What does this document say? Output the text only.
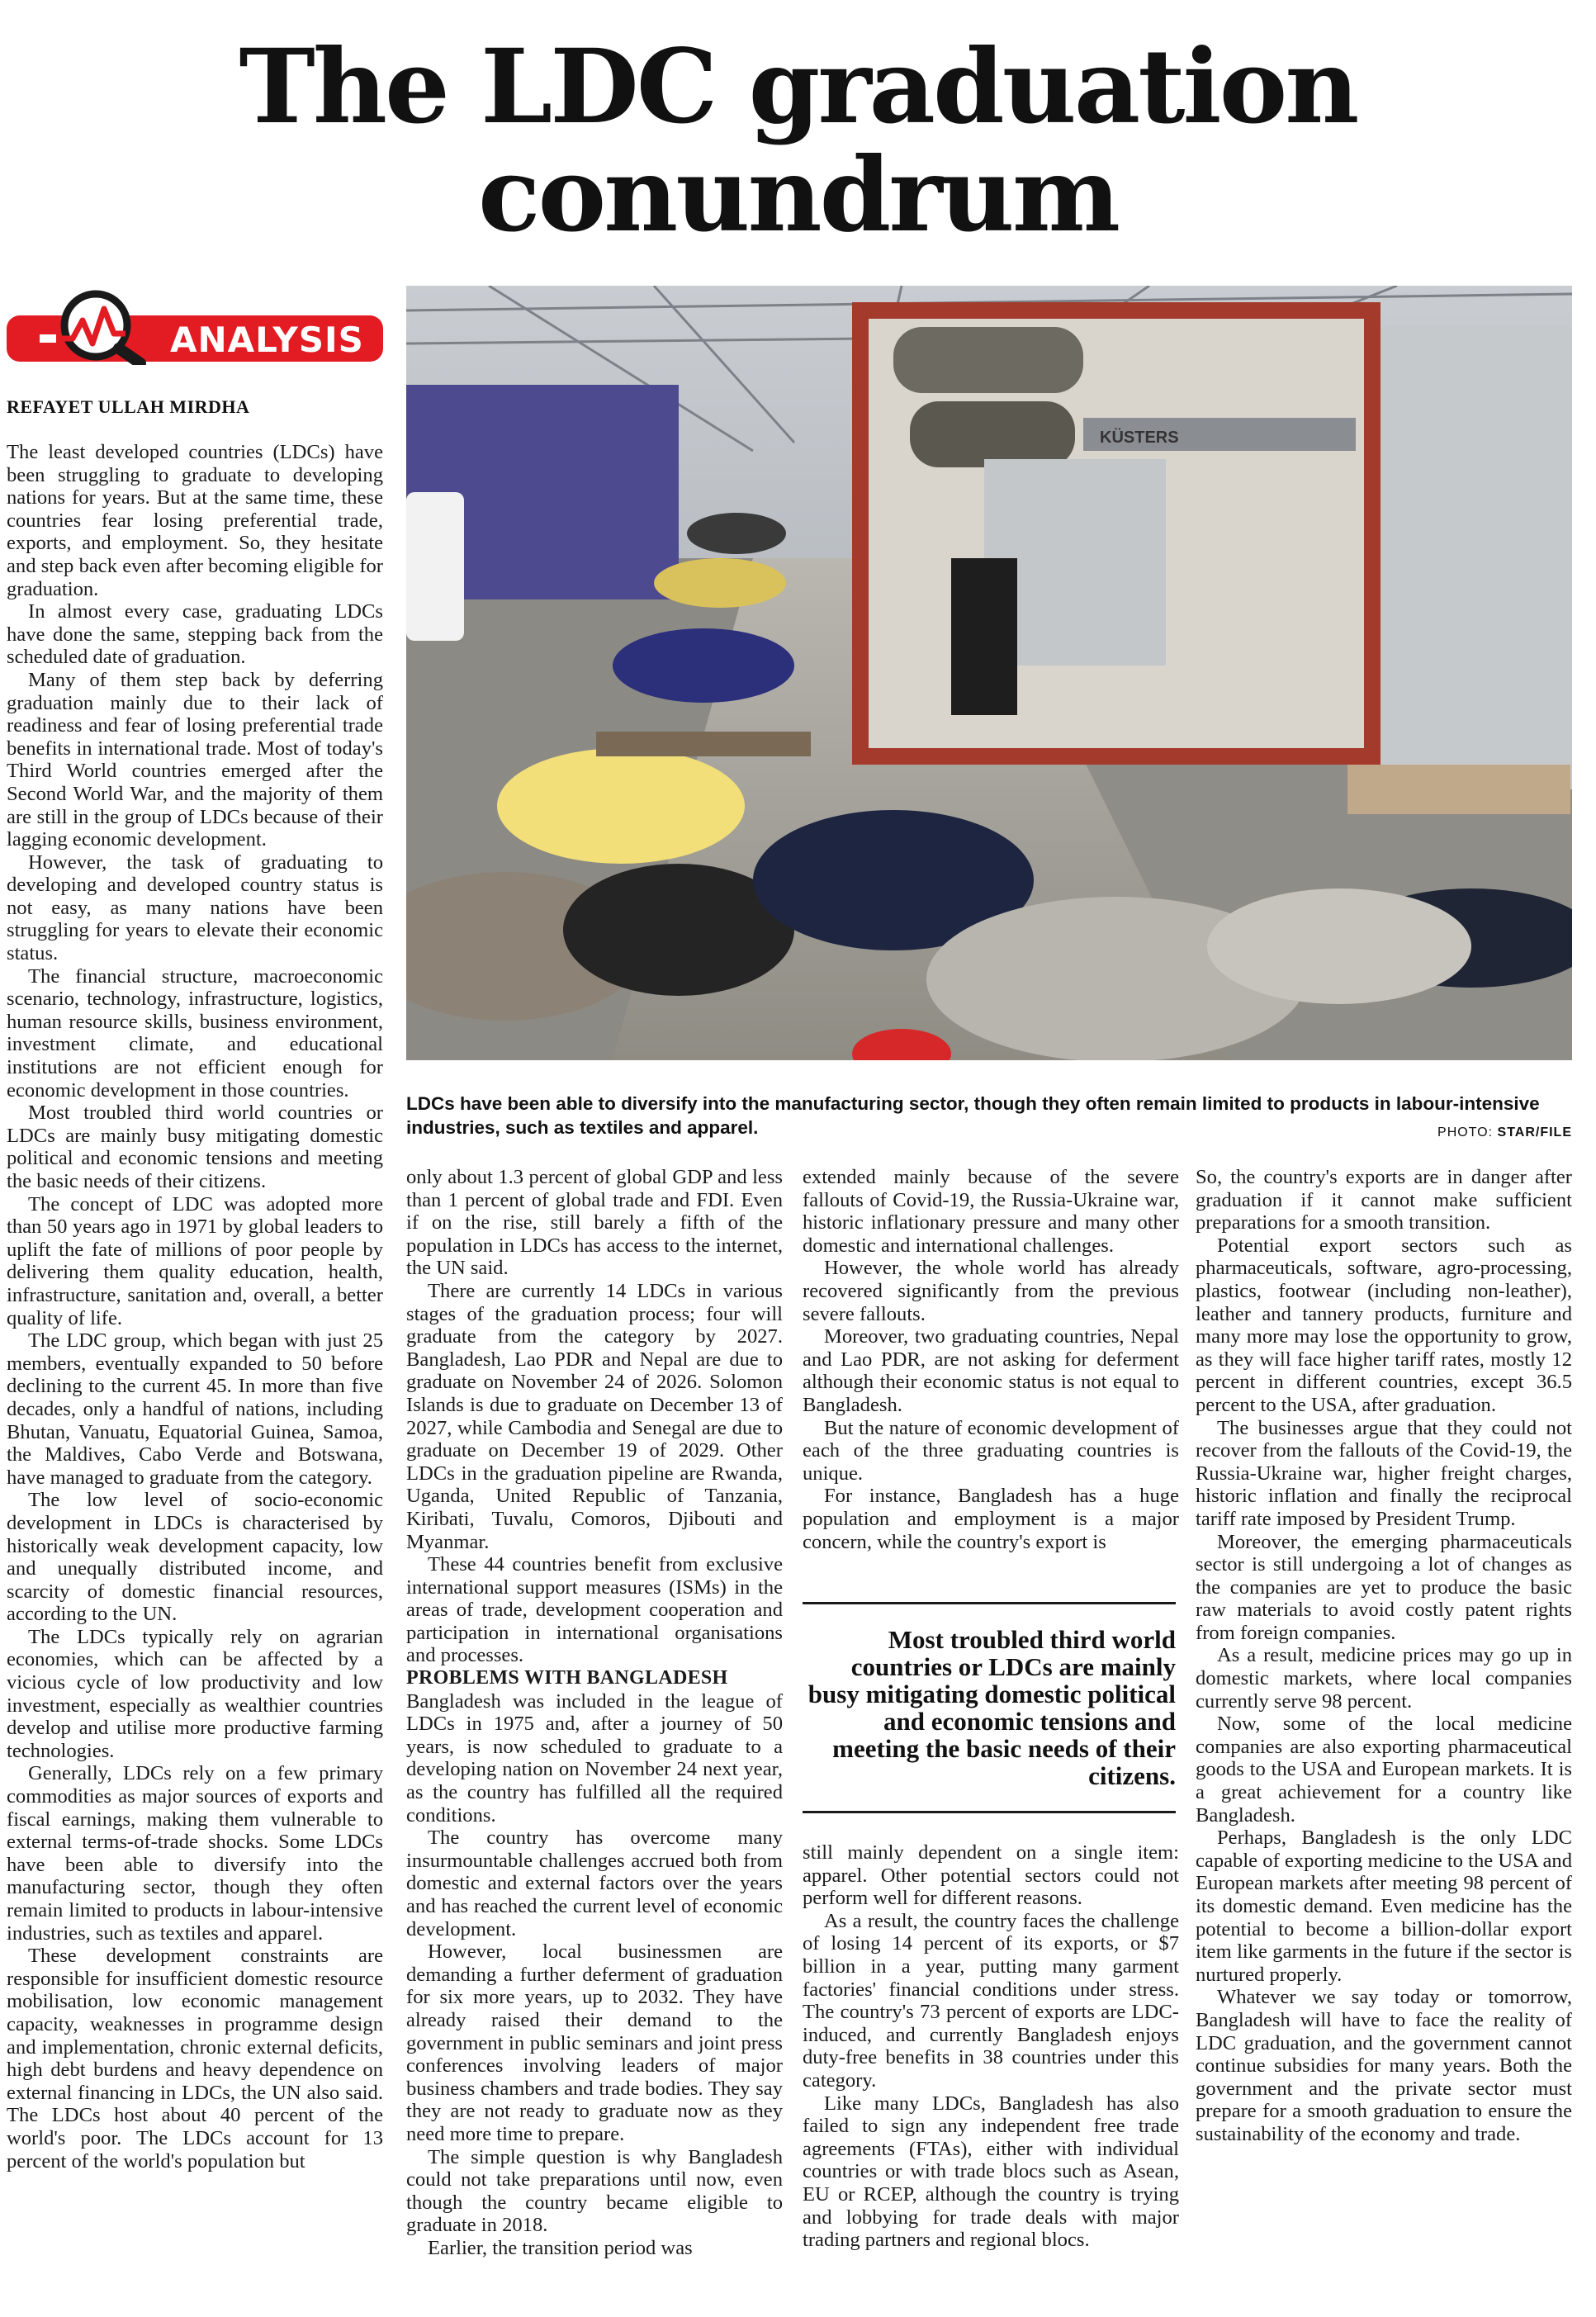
The LDC graduation
conundrum
ANALYSIS
REFAYET ULLAH MIRDHA

The least developed countries (LDCs) have been struggling to graduate to developing nations for years. But at the same time, these countries fear losing preferential trade, exports, and employment. So, they hesitate and step back even after becoming eligible for graduation.

In almost every case, graduating LDCs have done the same, stepping back from the scheduled date of graduation.

Many of them step back by deferring graduation mainly due to their lack of readiness and fear of losing preferential trade benefits in international trade. Most of today's Third World countries emerged after the Second World War, and the majority of them are still in the group of LDCs because of their lagging economic development.

However, the task of graduating to developing and developed country status is not easy, as many nations have been struggling for years to elevate their economic status.

The financial structure, macroeconomic scenario, technology, infrastructure, logistics, human resource skills, business environment, investment climate, and educational institutions are not efficient enough for economic development in those countries.

Most troubled third world countries or LDCs are mainly busy mitigating domestic political and economic tensions and meeting the basic needs of their citizens.

The concept of LDC was adopted more than 50 years ago in 1971 by global leaders to uplift the fate of millions of poor people by delivering them quality education, health, infrastructure, sanitation and, overall, a better quality of life.

The LDC group, which began with just 25 members, eventually expanded to 50 before declining to the current 45. In more than five decades, only a handful of nations, including Bhutan, Vanuatu, Equatorial Guinea, Samoa, the Maldives, Cabo Verde and Botswana, have managed to graduate from the category.

The low level of socio-economic development in LDCs is characterised by historically weak development capacity, low and unequally distributed income, and scarcity of domestic financial resources, according to the UN.

The LDCs typically rely on agrarian economies, which can be affected by a vicious cycle of low productivity and low investment, especially as wealthier countries develop and utilise more productive farming technologies.

Generally, LDCs rely on a few primary commodities as major sources of exports and fiscal earnings, making them vulnerable to external terms-of-trade shocks. Some LDCs have been able to diversify into the manufacturing sector, though they often remain limited to products in labour-intensive industries, such as textiles and apparel.

These development constraints are responsible for insufficient domestic resource mobilisation, low economic management capacity, weaknesses in programme design and implementation, chronic external deficits, high debt burdens and heavy dependence on external financing in LDCs, the UN also said. The LDCs host about 40 percent of the world's poor. The LDCs account for 13 percent of the world's population but

KÜSTERS
LDCs have been able to diversify into the manufacturing sector, though they often remain limited to products in labour-intensive industries, such as textiles and apparel.	PHOTO: STAR/FILE

only about 1.3 percent of global GDP and less than 1 percent of global trade and FDI. Even if on the rise, still barely a fifth of the population in LDCs has access to the internet, the UN said.

There are currently 14 LDCs in various stages of the graduation process; four will graduate from the category by 2027. Bangladesh, Lao PDR and Nepal are due to graduate on November 24 of 2026. Solomon Islands is due to graduate on December 13 of 2027, while Cambodia and Senegal are due to graduate on December 19 of 2029. Other LDCs in the graduation pipeline are Rwanda, Uganda, United Republic of Tanzania, Kiribati, Tuvalu, Comoros, Djibouti and Myanmar.

These 44 countries benefit from exclusive international support measures (ISMs) in the areas of trade, development cooperation and participation in international organisations and processes.

PROBLEMS WITH BANGLADESH

Bangladesh was included in the league of LDCs in 1975 and, after a journey of 50 years, is now scheduled to graduate to a developing nation on November 24 next year, as the country has fulfilled all the required conditions.

The country has overcome many insurmountable challenges accrued both from domestic and external factors over the years and has reached the current level of economic development.

However, local businessmen are demanding a further deferment of graduation for six more years, up to 2032. They have already raised their demand to the government in public seminars and joint press conferences involving leaders of major business chambers and trade bodies. They say they are not ready to graduate now as they need more time to prepare.

The simple question is why Bangladesh could not take preparations until now, even though the country became eligible to graduate in 2018.

Earlier, the transition period was

extended mainly because of the severe fallouts of Covid-19, the Russia-Ukraine war, historic inflationary pressure and many other domestic and international challenges.

However, the whole world has already recovered significantly from the previous severe fallouts.

Moreover, two graduating countries, Nepal and Lao PDR, are not asking for deferment although their economic status is not equal to Bangladesh.

But the nature of economic development of each of the three graduating countries is unique.

For instance, Bangladesh has a huge population and employment is a major concern, while the country's export is

Most troubled third world countries or LDCs are mainly busy mitigating domestic political and economic tensions and meeting the basic needs of their citizens.

still mainly dependent on a single item: apparel. Other potential sectors could not perform well for different reasons.

As a result, the country faces the challenge of losing 14 percent of its exports, or $7 billion in a year, putting many garment factories' financial conditions under stress. The country's 73 percent of exports are LDC-induced, and currently Bangladesh enjoys duty-free benefits in 38 countries under this category.

Like many LDCs, Bangladesh has also failed to sign any independent free trade agreements (FTAs), either with individual countries or with trade blocs such as Asean, EU or RCEP, although the country is trying and lobbying for trade deals with major trading partners and regional blocs.

So, the country's exports are in danger after graduation if it cannot make sufficient preparations for a smooth transition.

Potential export sectors such as pharmaceuticals, software, agro-processing, plastics, footwear (including non-leather), leather and tannery products, furniture and many more may lose the opportunity to grow, as they will face higher tariff rates, mostly 12 percent in different countries, except 36.5 percent to the USA, after graduation.

The businesses argue that they could not recover from the fallouts of the Covid-19, the Russia-Ukraine war, higher freight charges, historic inflation and finally the reciprocal tariff rate imposed by President Trump.

Moreover, the emerging pharmaceuticals sector is still undergoing a lot of changes as the companies are yet to produce the basic raw materials to avoid costly patent rights from foreign companies.

As a result, medicine prices may go up in domestic markets, where local companies currently serve 98 percent.

Now, some of the local medicine companies are also exporting pharmaceutical goods to the USA and European markets. It is a great achievement for a country like Bangladesh.

Perhaps, Bangladesh is the only LDC capable of exporting medicine to the USA and European markets after meeting 98 percent of its domestic demand. Even medicine has the potential to become a billion-dollar export item like garments in the future if the sector is nurtured properly.

Whatever we say today or tomorrow, Bangladesh will have to face the reality of LDC graduation, and the government cannot continue subsidies for many years. Both the government and the private sector must prepare for a smooth graduation to ensure the sustainability of the economy and trade.
